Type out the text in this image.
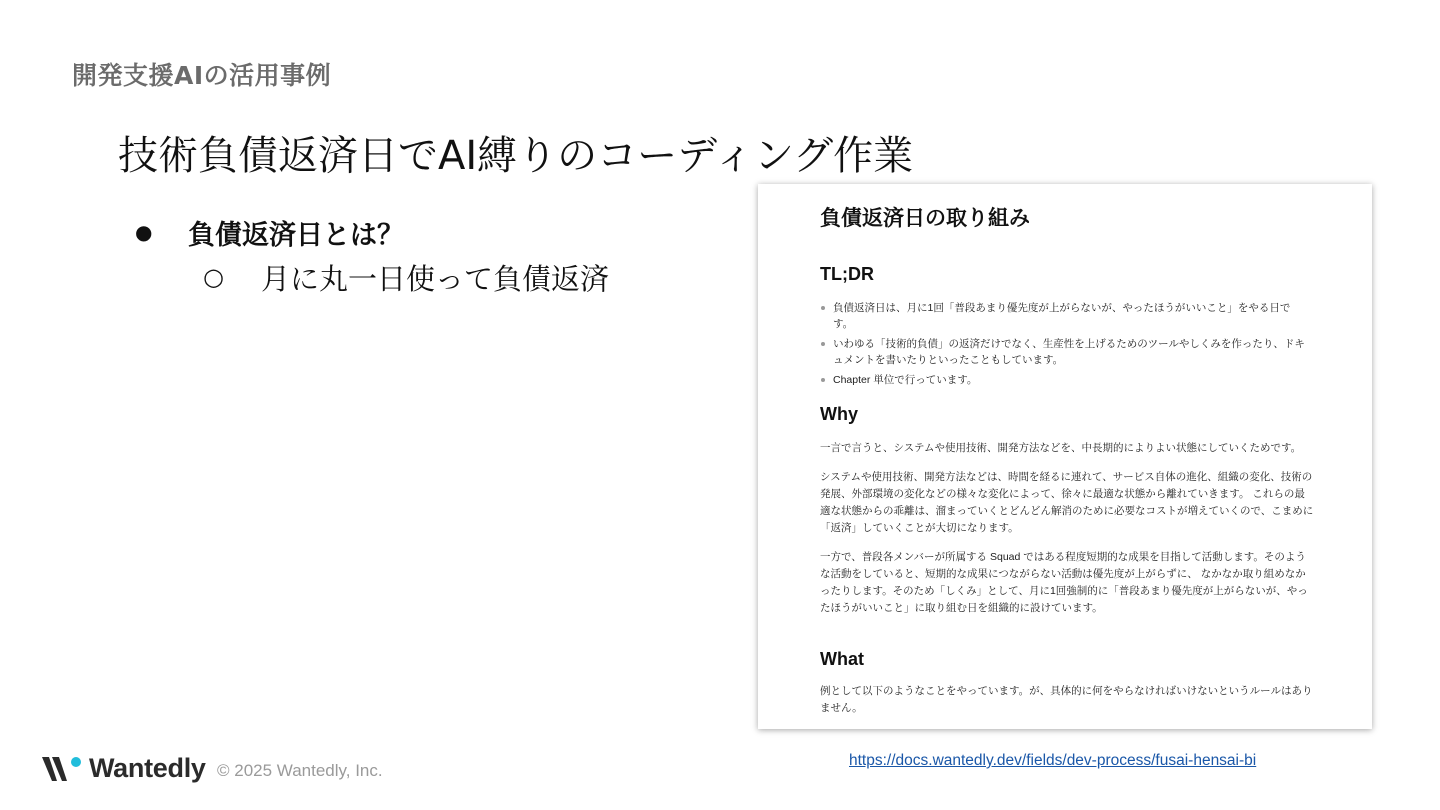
開発支援AIの活用事例
技術負債返済日でAI縛りのコーディング作業
●	負債返済日とは？
○	月に丸一日使って負債返済
負債返済日の取り組み
TL;DR
負債返済日は、月に1回「普段あまり優先度が上がらないが、やったほうがいいこと」をやる日です。
いわゆる「技術的負債」の返済だけでなく、生産性を上げるためのツールやしくみを作ったり、ドキュメントを書いたりといったこともしています。
Chapter 単位で行っています。
Why

一言で言うと、システムや使用技術、開発方法などを、中長期的によりよい状態にしていくためです。

システムや使用技術、開発方法などは、時間を経るに連れて、サービス自体の進化、組織の変化、技術の発展、外部環境の変化などの様々な変化によって、徐々に最適な状態から離れていきます。 これらの最適な状態からの乖離は、溜まっていくとどんどん解消のために必要なコストが増えていくので、こまめに「返済」していくことが大切になります。

一方で、普段各メンバーが所属する Squad ではある程度短期的な成果を目指して活動します。そのような活動をしていると、短期的な成果につながらない活動は優先度が上がらずに、 なかなか取り組めなかったりします。そのため「しくみ」として、月に1回強制的に「普段あまり優先度が上がらないが、やったほうがいいこと」に取り組む日を組織的に設けています。

What

例として以下のようなことをやっています。が、具体的に何をやらなければいけないというルールはありません。

Wantedly © 2025 Wantedly, Inc.
https://docs.wantedly.dev/fields/dev-process/fusai-hensai-bi
